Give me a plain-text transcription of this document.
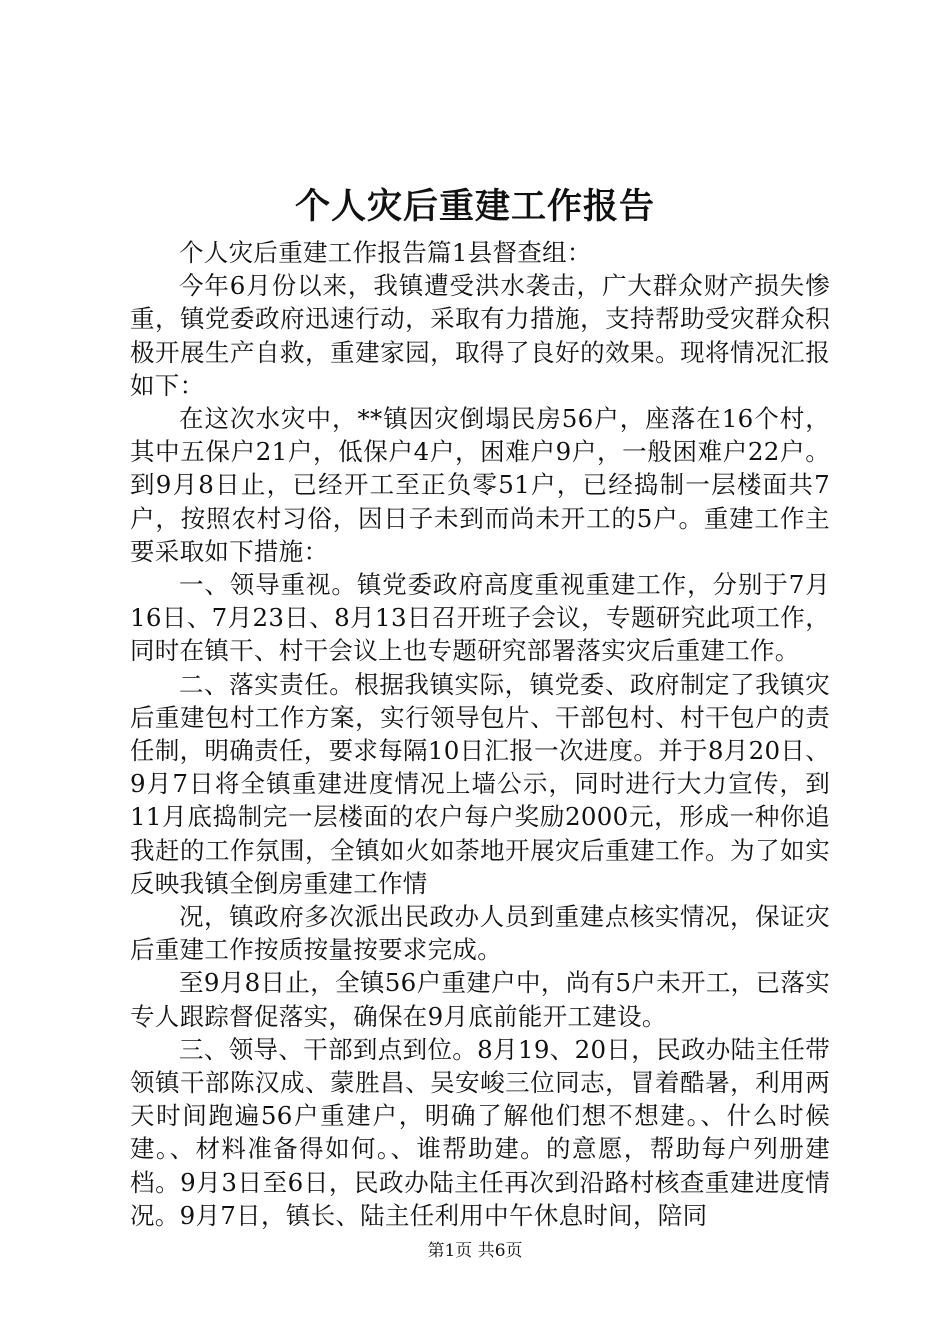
个人灾后重建工作报告

个人灾后重建工作报告篇1县督查组：

今年6月份以来，我镇遭受洪水袭击，广大群众财产损失惨重，镇党委政府迅速行动，采取有力措施，支持帮助受灾群众积极开展生产自救，重建家园，取得了良好的效果。现将情况汇报如下：

在这次水灾中，**镇因灾倒塌民房56户，座落在16个村，其中五保户21户，低保户4户，困难户9户，一般困难户22户。到9月8日止，已经开工至正负零51户，已经捣制一层楼面共7户，按照农村习俗，因日子未到而尚未开工的5户。重建工作主要采取如下措施：

一、领导重视。镇党委政府高度重视重建工作，分别于7月16日、7月23日、8月13日召开班子会议，专题研究此项工作，同时在镇干、村干会议上也专题研究部署落实灾后重建工作。

二、落实责任。根据我镇实际，镇党委、政府制定了我镇灾后重建包村工作方案，实行领导包片、干部包村、村干包户的责任制，明确责任，要求每隔10日汇报一次进度。并于8月20日、9月7日将全镇重建进度情况上墙公示，同时进行大力宣传，到11月底捣制完一层楼面的农户每户奖励2000元，形成一种你追我赶的工作氛围，全镇如火如荼地开展灾后重建工作。为了如实反映我镇全倒房重建工作情

况，镇政府多次派出民政办人员到重建点核实情况，保证灾后重建工作按质按量按要求完成。

至9月8日止，全镇56户重建户中，尚有5户未开工，已落实专人跟踪督促落实，确保在9月底前能开工建设。

三、领导、干部到点到位。8月19、20日，民政办陆主任带领镇干部陈汉成、蒙胜昌、吴安峻三位同志，冒着酷暑，利用两天时间跑遍56户重建户，明确了解他们想不想建。、什么时候建。、材料准备得如何。、谁帮助建。的意愿，帮助每户列册建档。9月3日至6日，民政办陆主任再次到沿路村核查重建进度情况。9月7日，镇长、陆主任利用中午休息时间，陪同

第1页 共6页
